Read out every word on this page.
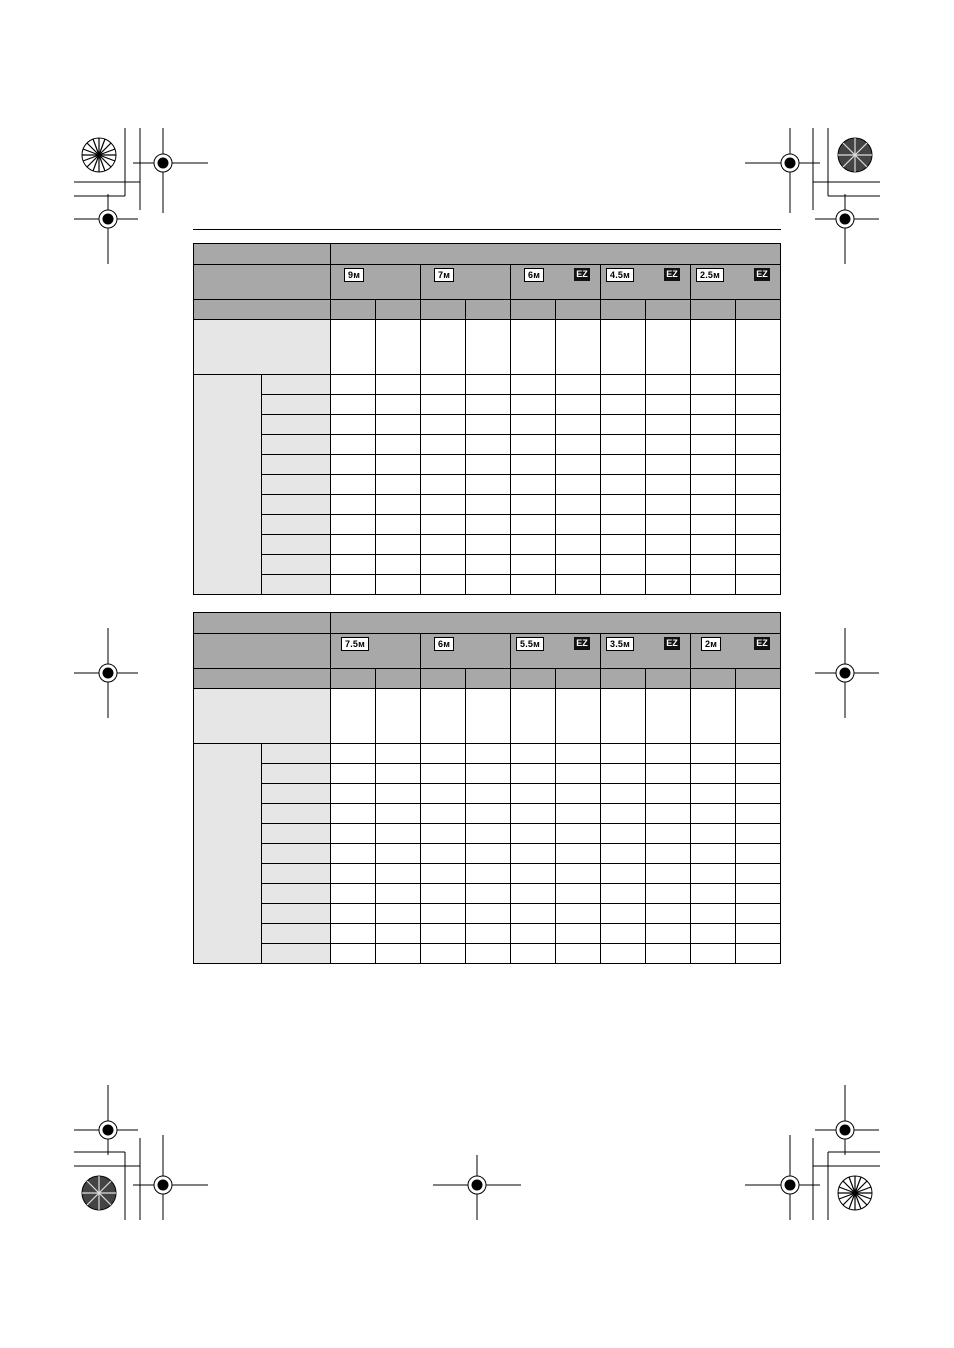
		9м		7м		6м EZ		4.5м EZ		2.5м EZ	

		7.5м		6м		5.5м EZ		3.5м EZ		2м EZ	
